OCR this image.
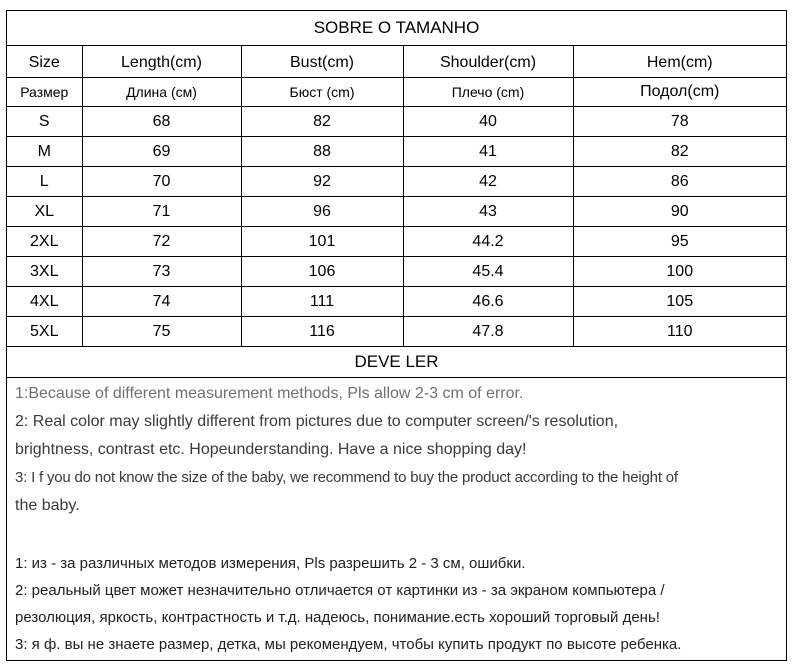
SOBRE O TAMANHO
Size	Length(cm)	Bust(cm)	Shoulder(cm)	Hem(cm)
Размер	Длина (см)	Бюст (cm)	Плечо (cm)	Подол(cm)
S	68	82	40	78
M	69	88	41	82
L	70	92	42	86
XL	71	96	43	90
2XL	72	101	44.2	95
3XL	73	106	45.4	100
4XL	74	111	46.6	105
5XL	75	116	47.8	110
DEVE LER
1:Because of different measurement methods, Pls allow 2-3 cm of error.
2: Real color may slightly different from pictures due to computer screen/'s resolution,
brightness, contrast etc. Hopeunderstanding. Have a nice shopping day!
3: I f you do not know the size of the baby, we recommend to buy the product according to the height of
the baby.
1: из - за различных методов измерения, Pls разрешить 2 - 3 см, ошибки.
2: реальный цвет может незначительно отличается от картинки из - за экраном компьютера /
резолюция, яркость, контрастность и т.д. надеюсь, понимание.есть хороший торговый день!
3: я ф. вы не знаете размер, детка, мы рекомендуем, чтобы купить продукт по высоте ребенка.
